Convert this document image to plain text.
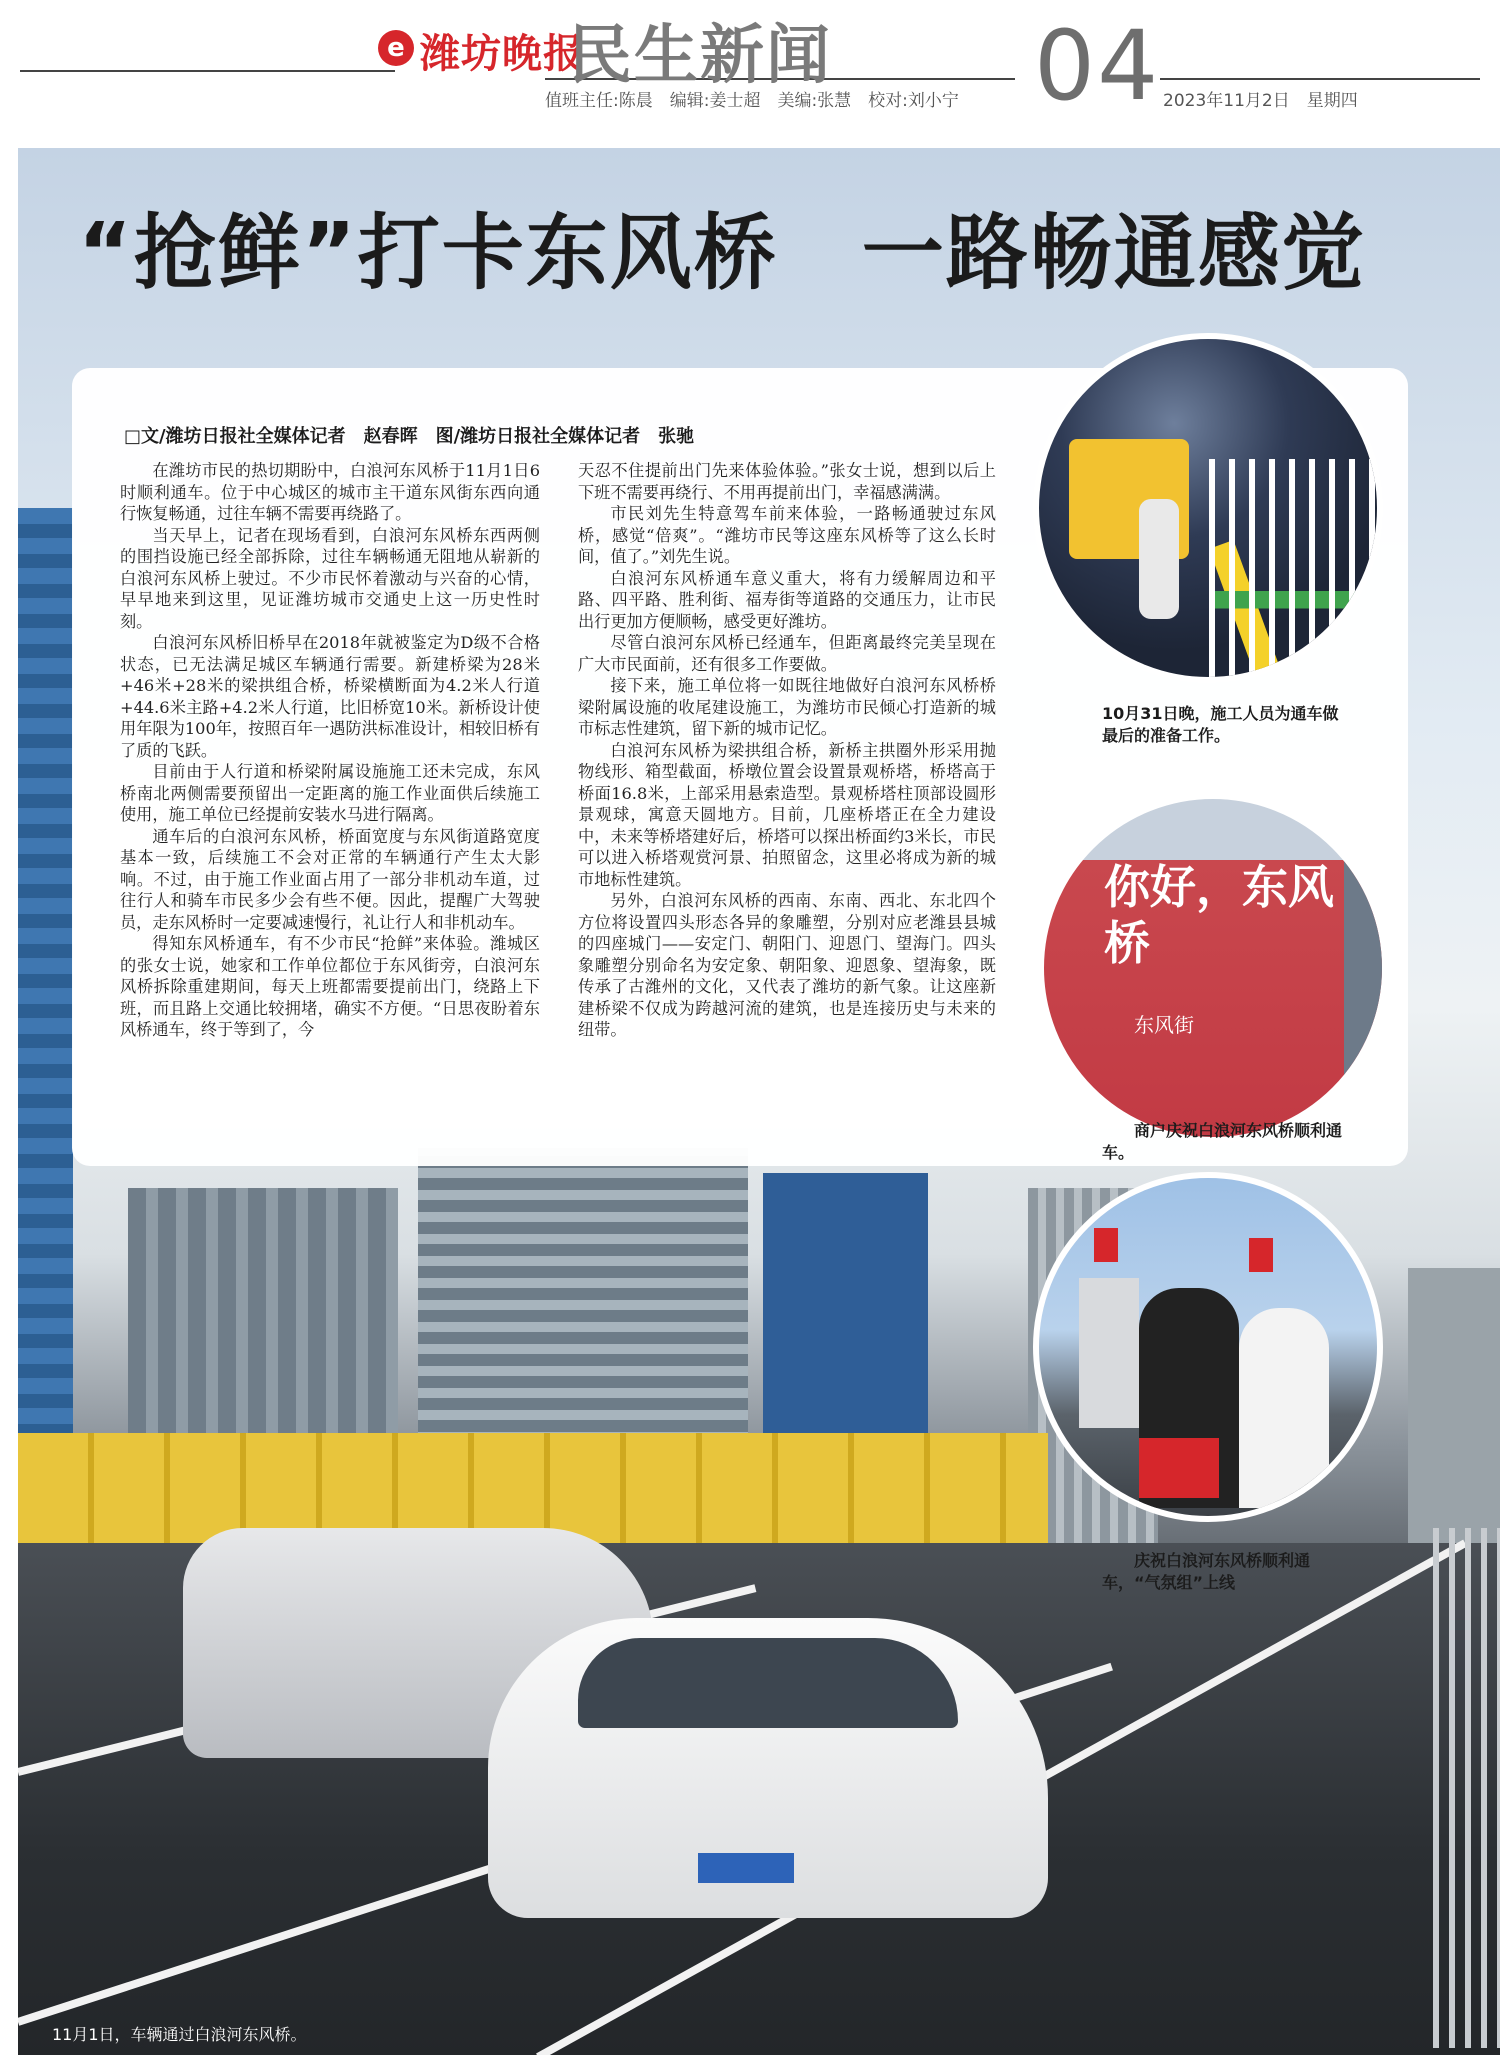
e 潍坊晚报
民生新闻 04
值班主任:陈晨　编辑:姜士超　美编:张慧　校对:刘小宁	2023年11月2日　星期四
“抢鲜”打卡东风桥　一路畅通感觉
□文/潍坊日报社全媒体记者　赵春晖　图/潍坊日报社全媒体记者　张驰

在潍坊市民的热切期盼中，白浪河东风桥于11月1日6时顺利通车。位于中心城区的城市主干道东风街东西向通行恢复畅通，过往车辆不需要再绕路了。

当天早上，记者在现场看到，白浪河东风桥东西两侧的围挡设施已经全部拆除，过往车辆畅通无阻地从崭新的白浪河东风桥上驶过。不少市民怀着激动与兴奋的心情，早早地来到这里，见证潍坊城市交通史上这一历史性时刻。

白浪河东风桥旧桥早在2018年就被鉴定为D级不合格状态，已无法满足城区车辆通行需要。新建桥梁为28米+46米+28米的梁拱组合桥，桥梁横断面为4.2米人行道+44.6米主路+4.2米人行道，比旧桥宽10米。新桥设计使用年限为100年，按照百年一遇防洪标准设计，相较旧桥有了质的飞跃。

目前由于人行道和桥梁附属设施施工还未完成，东风桥南北两侧需要预留出一定距离的施工作业面供后续施工使用，施工单位已经提前安装水马进行隔离。

通车后的白浪河东风桥，桥面宽度与东风街道路宽度基本一致，后续施工不会对正常的车辆通行产生太大影响。不过，由于施工作业面占用了一部分非机动车道，过往行人和骑车市民多少会有些不便。因此，提醒广大驾驶员，走东风桥时一定要减速慢行，礼让行人和非机动车。

得知东风桥通车，有不少市民“抢鲜”来体验。潍城区的张女士说，她家和工作单位都位于东风街旁，白浪河东风桥拆除重建期间，每天上班都需要提前出门，绕路上下班，而且路上交通比较拥堵，确实不方便。“日思夜盼着东风桥通车，终于等到了，今

天忍不住提前出门先来体验体验。”张女士说，想到以后上下班不需要再绕行、不用再提前出门，幸福感满满。

市民刘先生特意驾车前来体验，一路畅通驶过东风桥，感觉“倍爽”。“潍坊市民等这座东风桥等了这么长时间，值了。”刘先生说。

白浪河东风桥通车意义重大，将有力缓解周边和平路、四平路、胜利街、福寿街等道路的交通压力，让市民出行更加方便顺畅，感受更好潍坊。

尽管白浪河东风桥已经通车，但距离最终完美呈现在广大市民面前，还有很多工作要做。

接下来，施工单位将一如既往地做好白浪河东风桥桥梁附属设施的收尾建设施工，为潍坊市民倾心打造新的城市标志性建筑，留下新的城市记忆。

白浪河东风桥为梁拱组合桥，新桥主拱圈外形采用抛物线形、箱型截面，桥墩位置会设置景观桥塔，桥塔高于桥面16.8米，上部采用悬索造型。景观桥塔柱顶部设圆形景观球，寓意天圆地方。目前，几座桥塔正在全力建设中，未来等桥塔建好后，桥塔可以探出桥面约3米长，市民可以进入桥塔观赏河景、拍照留念，这里必将成为新的城市地标性建筑。

另外，白浪河东风桥的西南、东南、西北、东北四个方位将设置四头形态各异的象雕塑，分别对应老潍县县城的四座城门——安定门、朝阳门、迎恩门、望海门。四头象雕塑分别命名为安定象、朝阳象、迎恩象、望海象，既传承了古潍州的文化，又代表了潍坊的新气象。让这座新建桥梁不仅成为跨越河流的建筑，也是连接历史与未来的纽带。

10月31日晚，施工人员为通车做最后的准备工作。
你好，东风桥
东风街
商户庆祝白浪河东风桥顺利通车。
庆祝白浪河东风桥顺利通车，“气氛组”上线
11月1日，车辆通过白浪河东风桥。
